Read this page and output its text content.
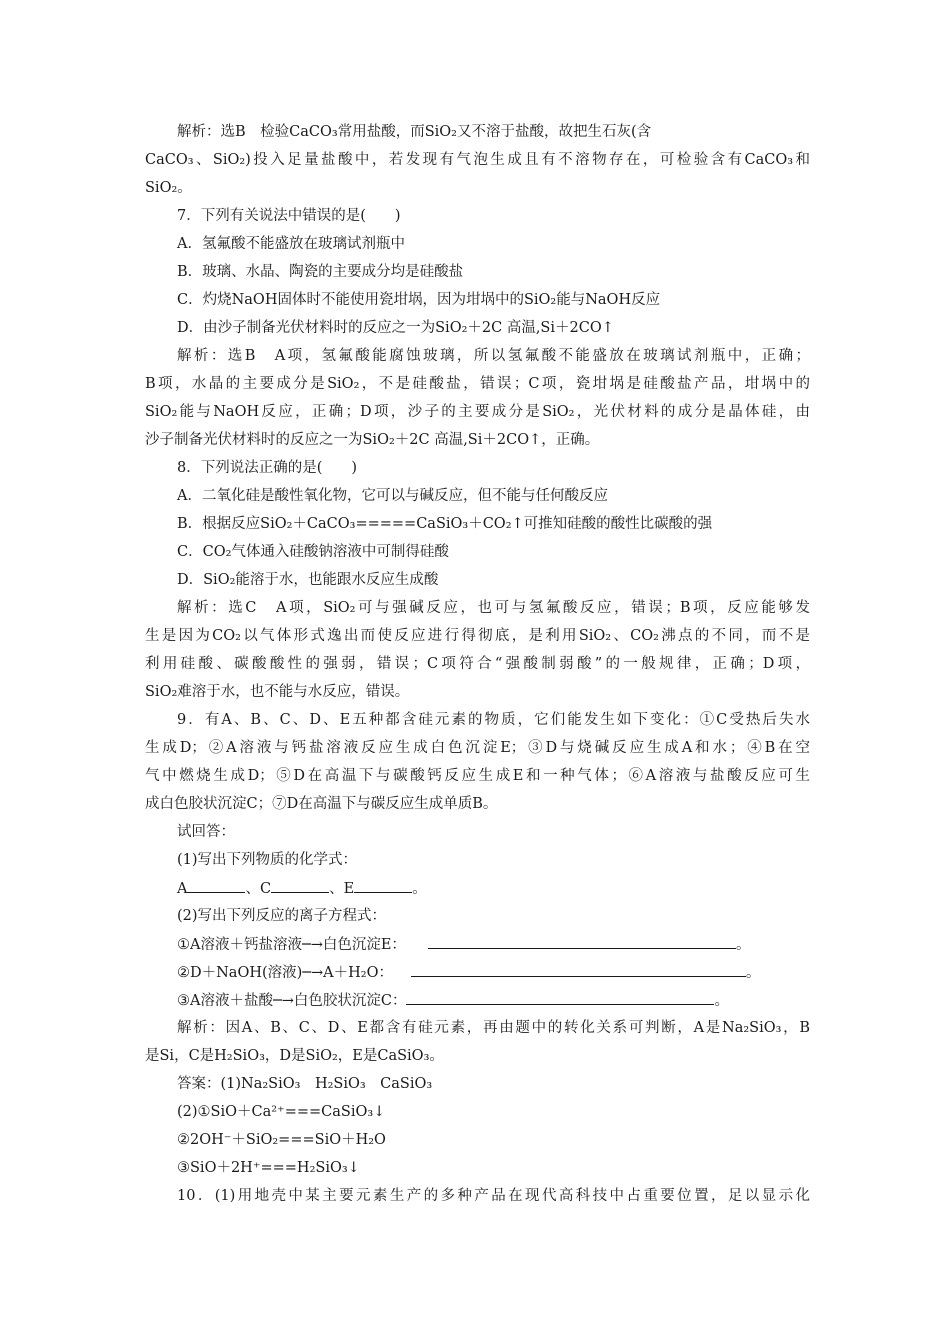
解析：选B　检验CaCO₃常用盐酸，而SiO₂又不溶于盐酸，故把生石灰(含
CaCO₃、SiO₂)投入足量盐酸中，若发现有气泡生成且有不溶物存在，可检验含有CaCO₃和
SiO₂。
7．下列有关说法中错误的是(　　)
A．氢氟酸不能盛放在玻璃试剂瓶中
B．玻璃、水晶、陶瓷的主要成分均是硅酸盐
C．灼烧NaOH固体时不能使用瓷坩埚，因为坩埚中的SiO₂能与NaOH反应
D．由沙子制备光伏材料时的反应之一为SiO₂＋2C 高温,Si＋2CO↑
解析：选B　A项，氢氟酸能腐蚀玻璃，所以氢氟酸不能盛放在玻璃试剂瓶中，正确；
B项，水晶的主要成分是SiO₂，不是硅酸盐，错误；C项，瓷坩埚是硅酸盐产品，坩埚中的
SiO₂能与NaOH反应，正确；D项，沙子的主要成分是SiO₂，光伏材料的成分是晶体硅，由
沙子制备光伏材料时的反应之一为SiO₂＋2C 高温,Si＋2CO↑，正确。
8．下列说法正确的是(　　)
A．二氧化硅是酸性氧化物，它可以与碱反应，但不能与任何酸反应
B．根据反应SiO₂＋CaCO₃=====CaSiO₃＋CO₂↑可推知硅酸的酸性比碳酸的强
C．CO₂气体通入硅酸钠溶液中可制得硅酸
D．SiO₂能溶于水，也能跟水反应生成酸
解析：选C　A项，SiO₂可与强碱反应，也可与氢氟酸反应，错误；B项，反应能够发
生是因为CO₂以气体形式逸出而使反应进行得彻底，是利用SiO₂、CO₂沸点的不同，而不是
利用硅酸、碳酸酸性的强弱，错误；C项符合“强酸制弱酸”的一般规律，正确；D项，
SiO₂难溶于水，也不能与水反应，错误。
9．有A、B、C、D、E五种都含硅元素的物质，它们能发生如下变化：①C受热后失水
生成D；②A溶液与钙盐溶液反应生成白色沉淀E；③D与烧碱反应生成A和水；④B在空
气中燃烧生成D；⑤D在高温下与碳酸钙反应生成E和一种气体；⑥A溶液与盐酸反应可生
成白色胶状沉淀C；⑦D在高温下与碳反应生成单质B。
试回答：
(1)写出下列物质的化学式：
A	、C	、E	。
(2)写出下列反应的离子方程式：
①A溶液＋钙盐溶液─→白色沉淀E：	。
②D＋NaOH(溶液)─→A＋H₂O：	。
③A溶液＋盐酸─→白色胶状沉淀C：	。
解析：因A、B、C、D、E都含有硅元素，再由题中的转化关系可判断，A是Na₂SiO₃，B
是Si，C是H₂SiO₃，D是SiO₂，E是CaSiO₃。
答案：(1)Na₂SiO₃　H₂SiO₃　CaSiO₃
(2)①SiO＋Ca²⁺===CaSiO₃↓
②2OH⁻＋SiO₂===SiO＋H₂O
③SiO＋2H⁺===H₂SiO₃↓
10．(1)用地壳中某主要元素生产的多种产品在现代高科技中占重要位置，足以显示化
